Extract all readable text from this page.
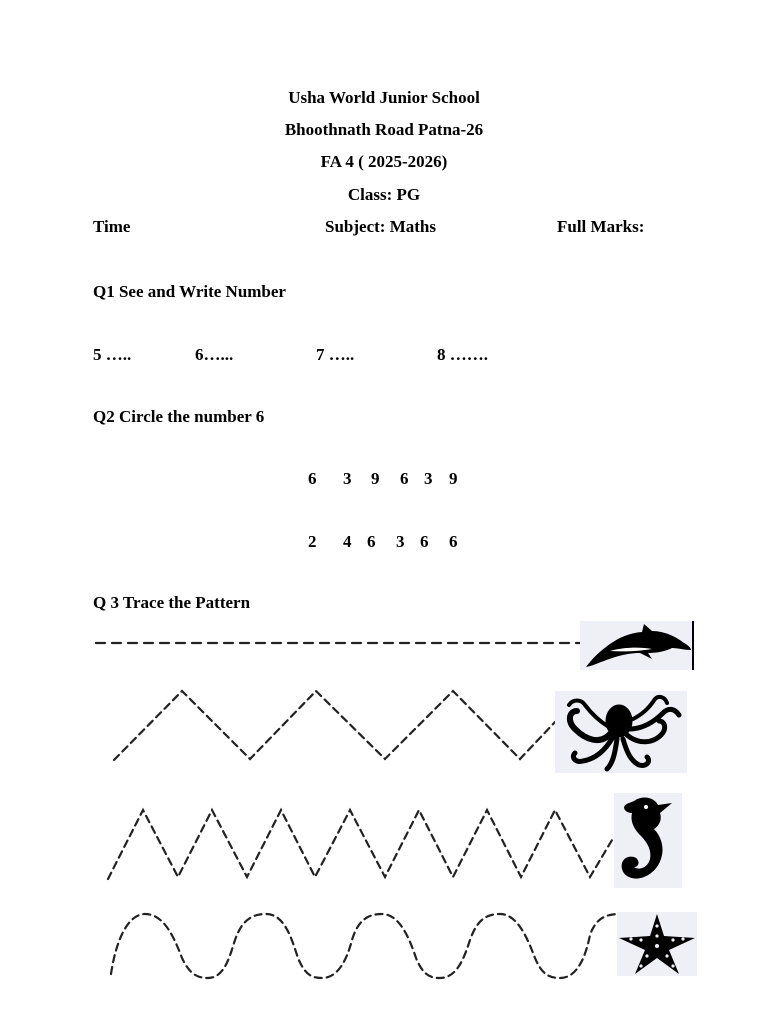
Usha World Junior School
Bhoothnath Road Patna-26
FA 4 ( 2025-2026)
Class: PG
Time	Subject: Maths	Full Marks:
Q1 See and Write Number
5 …..	6…...	7 …..	8 …….
Q2 Circle the number 6
6 3 9 6 3 9
2 4 6 3 6 6
Q 3 Trace the Pattern
